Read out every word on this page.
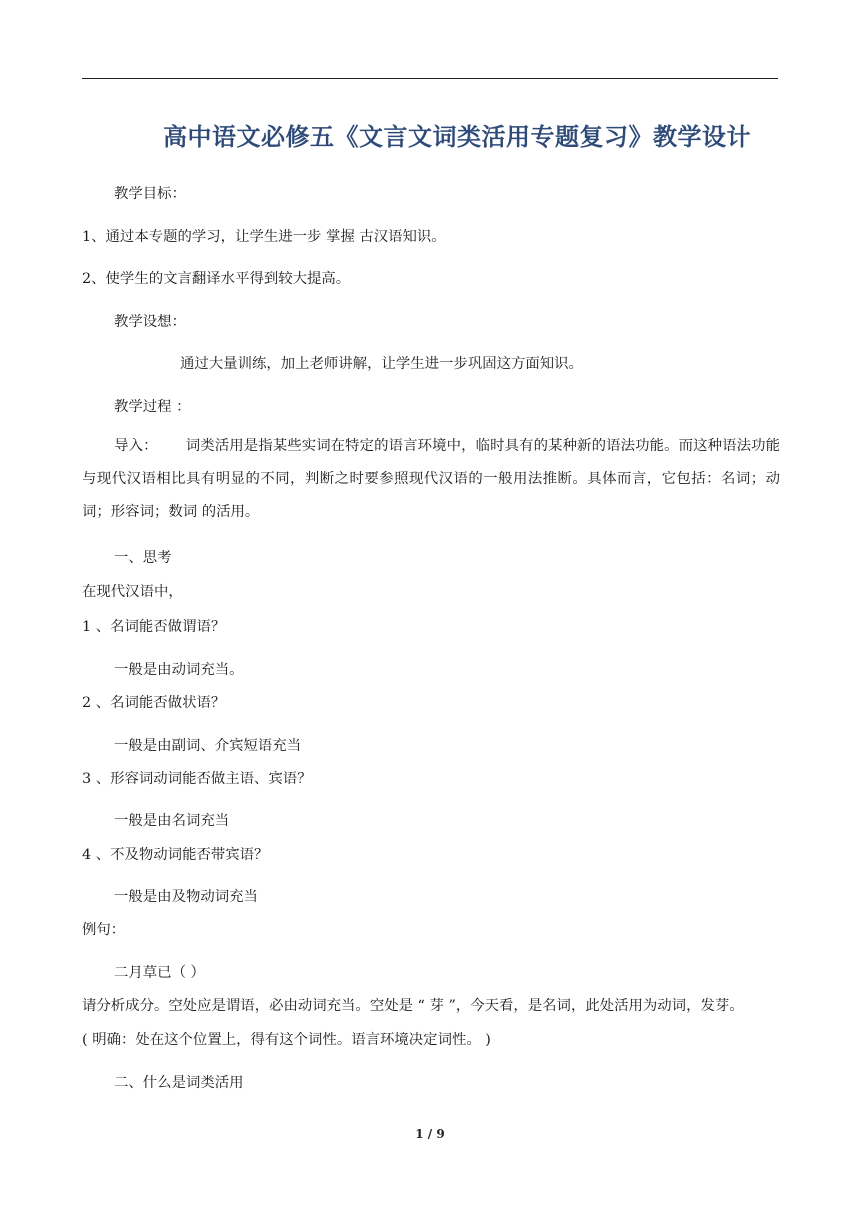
高中语文必修五《文言文词类活用专题复习》教学设计
教学目标：
1、通过本专题的学习，让学生进一步 掌握 古汉语知识。
2、使学生的文言翻译水平得到较大提高。
教学设想：
通过大量训练，加上老师讲解，让学生进一步巩固这方面知识。
教学过程 ：
导入： 词类活用是指某些实词在特定的语言环境中，临时具有的某种新的语法功能。而这种语法功能与现代汉语相比具有明显的不同，判断之时要参照现代汉语的一般用法推断。具体而言，它包括：名词；动词；形容词；数词 的活用。
一、思考
在现代汉语中，
1 、名词能否做谓语？
一般是由动词充当。
2 、名词能否做状语？
一般是由副词、介宾短语充当
3 、形容词动词能否做主语、宾语？
一般是由名词充当
4 、不及物动词能否带宾语？
一般是由及物动词充当
例句：
二月草已（ ）
请分析成分。空处应是谓语，必由动词充当。空处是 “ 芽 ”，今天看，是名词，此处活用为动词，发芽。
( 明确：处在这个位置上，得有这个词性。语言环境决定词性。 )
二、什么是词类活用
1 / 9
